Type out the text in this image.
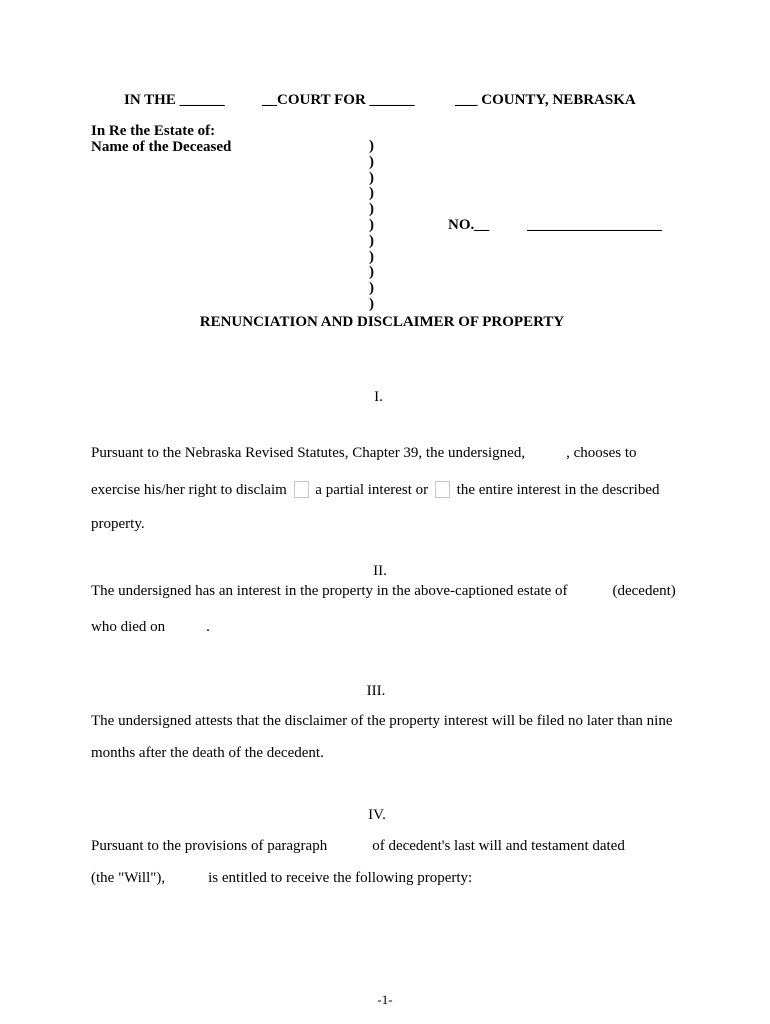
IN THE ______ __COURT FOR ______	___ COUNTY, NEBRASKA
In Re the Estate of:
Name of the Deceased	)
)
)
)
)
)
)
)
)
)
)
NO.__	__________________
RENUNCIATION AND DISCLAIMER OF PROPERTY
I.
Pursuant to the Nebraska Revised Statutes, Chapter 39, the undersigned,	, chooses to
exercise his/her right to disclaim a partial interest or the entire interest in the described
property.
II.
The undersigned has an interest in the property in the above-captioned estate of	(decedent)
who died on	.
III.
The undersigned attests that the disclaimer of the property interest will be filed no later than nine
months after the death of the decedent.
IV.
Pursuant to the provisions of paragraph	of decedent's last will and testament dated
(the "Will"),	is entitled to receive the following property:
-1-
